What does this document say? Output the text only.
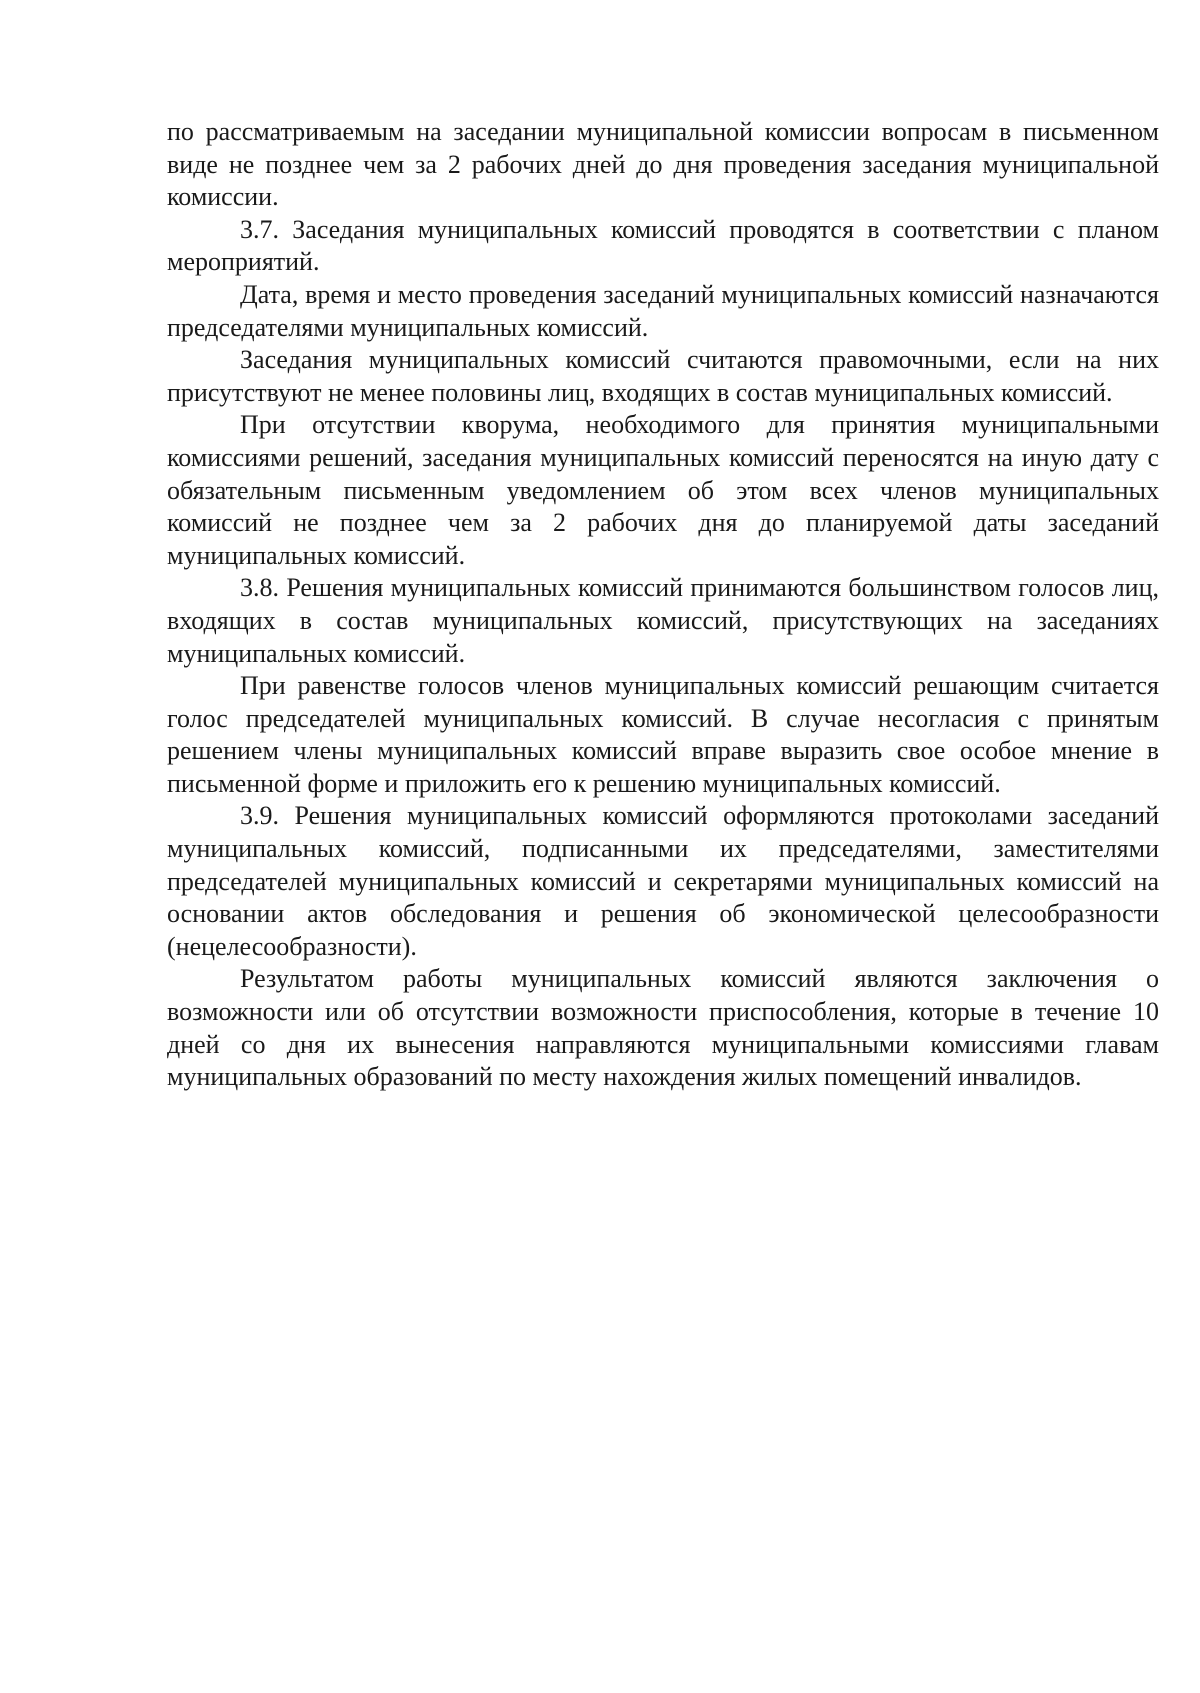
по рассматриваемым на заседании муниципальной комиссии вопросам в письменном виде не позднее чем за 2 рабочих дней до дня проведения заседания муниципальной комиссии.

3.7. Заседания муниципальных комиссий проводятся в соответствии с планом мероприятий.

Дата, время и место проведения заседаний муниципальных комиссий назначаются председателями муниципальных комиссий.

Заседания муниципальных комиссий считаются правомочными, если на них присутствуют не менее половины лиц, входящих в состав муниципальных комиссий.

При отсутствии кворума, необходимого для принятия муниципальными комиссиями решений, заседания муниципальных комиссий переносятся на иную дату с обязательным письменным уведомлением об этом всех членов муниципальных комиссий не позднее чем за 2 рабочих дня до планируемой даты заседаний муниципальных комиссий.

3.8. Решения муниципальных комиссий принимаются большинством голосов лиц, входящих в состав муниципальных комиссий, присутствующих на заседаниях муниципальных комиссий.

При равенстве голосов членов муниципальных комиссий решающим считается голос председателей муниципальных комиссий. В случае несогласия с принятым решением члены муниципальных комиссий вправе выразить свое особое мнение в письменной форме и приложить его к решению муниципальных комиссий.

3.9. Решения муниципальных комиссий оформляются протоколами заседаний муниципальных комиссий, подписанными их председателями, заместителями председателей муниципальных комиссий и секретарями муниципальных комиссий на основании актов обследования и решения об экономической целесообразности (нецелесообразности).

Результатом работы муниципальных комиссий являются заключения о возможности или об отсутствии возможности приспособления, которые в течение 10 дней со дня их вынесения направляются муниципальными комиссиями главам муниципальных образований по месту нахождения жилых помещений инвалидов.
